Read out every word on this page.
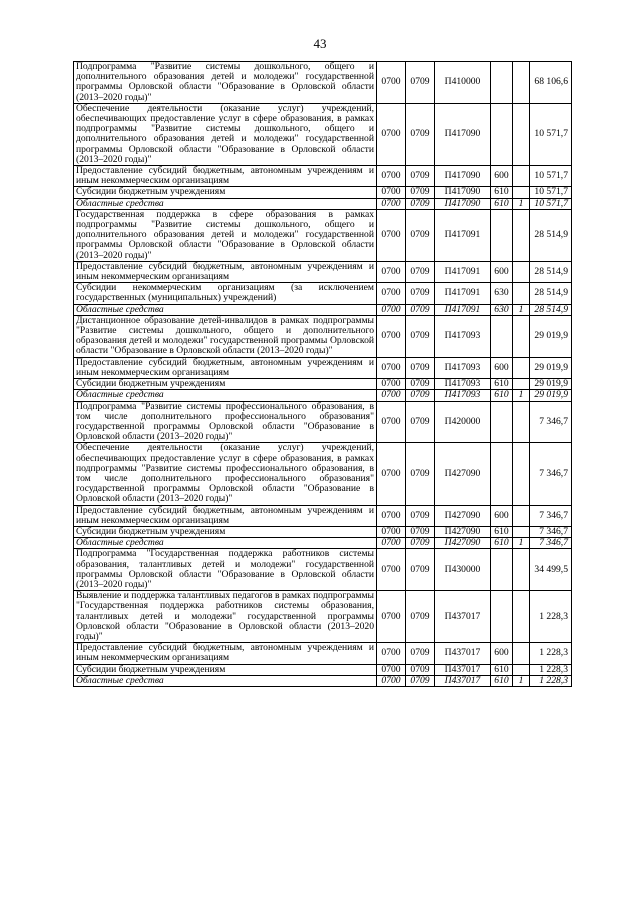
43
Подпрограмма "Развитие системы дошкольного, общего и дополнительного образования детей и молодежи" государственной программы Орловской области "Образование в Орловской области (2013–2020 годы)"	0700	0709	П410000			68 106,6
Обеспечение деятельности (оказание услуг) учреждений, обеспечивающих предоставление услуг в сфере образования, в рамках подпрограммы "Развитие системы дошкольного, общего и дополнительного образования детей и молодежи" государственной программы Орловской области "Образование в Орловской области (2013–2020 годы)"	0700	0709	П417090			10 571,7
Предоставление субсидий бюджетным, автономным учреждениям и иным некоммерческим организациям	0700	0709	П417090	600		10 571,7
Субсидии бюджетным учреждениям	0700	0709	П417090	610		10 571,7
Областные средства	0700	0709	П417090	610	1	10 571,7
Государственная поддержка в сфере образования в рамках подпрограммы "Развитие системы дошкольного, общего и дополнительного образования детей и молодежи" государственной программы Орловской области "Образование в Орловской области (2013–2020 годы)"	0700	0709	П417091			28 514,9
Предоставление субсидий бюджетным, автономным учреждениям и иным некоммерческим организациям	0700	0709	П417091	600		28 514,9
Субсидии некоммерческим организациям (за исключением государственных (муниципальных) учреждений)	0700	0709	П417091	630		28 514,9
Областные средства	0700	0709	П417091	630	1	28 514,9
Дистанционное образование детей-инвалидов в рамках подпрограммы "Развитие системы дошкольного, общего и дополнительного образования детей и молодежи" государственной программы Орловской области "Образование в Орловской области (2013–2020 годы)"	0700	0709	П417093			29 019,9
Предоставление субсидий бюджетным, автономным учреждениям и иным некоммерческим организациям	0700	0709	П417093	600		29 019,9
Субсидии бюджетным учреждениям	0700	0709	П417093	610		29 019,9
Областные средства	0700	0709	П417093	610	1	29 019,9
Подпрограмма "Развитие системы профессионального образования, в том числе дополнительного профессионального образования" государственной программы Орловской области "Образование в Орловской области (2013–2020 годы)"	0700	0709	П420000			7 346,7
Обеспечение деятельности (оказание услуг) учреждений, обеспечивающих предоставление услуг в сфере образования, в рамках подпрограммы "Развитие системы профессионального образования, в том числе дополнительного профессионального образования" государственной программы Орловской области "Образование в Орловской области (2013–2020 годы)"	0700	0709	П427090			7 346,7
Предоставление субсидий бюджетным, автономным учреждениям и иным некоммерческим организациям	0700	0709	П427090	600		7 346,7
Субсидии бюджетным учреждениям	0700	0709	П427090	610		7 346,7
Областные средства	0700	0709	П427090	610	1	7 346,7
Подпрограмма "Государственная поддержка работников системы образования, талантливых детей и молодежи" государственной программы Орловской области "Образование в Орловской области (2013–2020 годы)"	0700	0709	П430000			34 499,5
Выявление и поддержка талантливых педагогов в рамках подпрограммы "Государственная поддержка работников системы образования, талантливых детей и молодежи" государственной программы Орловской области "Образование в Орловской области (2013–2020 годы)"	0700	0709	П437017			1 228,3
Предоставление субсидий бюджетным, автономным учреждениям и иным некоммерческим организациям	0700	0709	П437017	600		1 228,3
Субсидии бюджетным учреждениям	0700	0709	П437017	610		1 228,3
Областные средства	0700	0709	П437017	610	1	1 228,3
